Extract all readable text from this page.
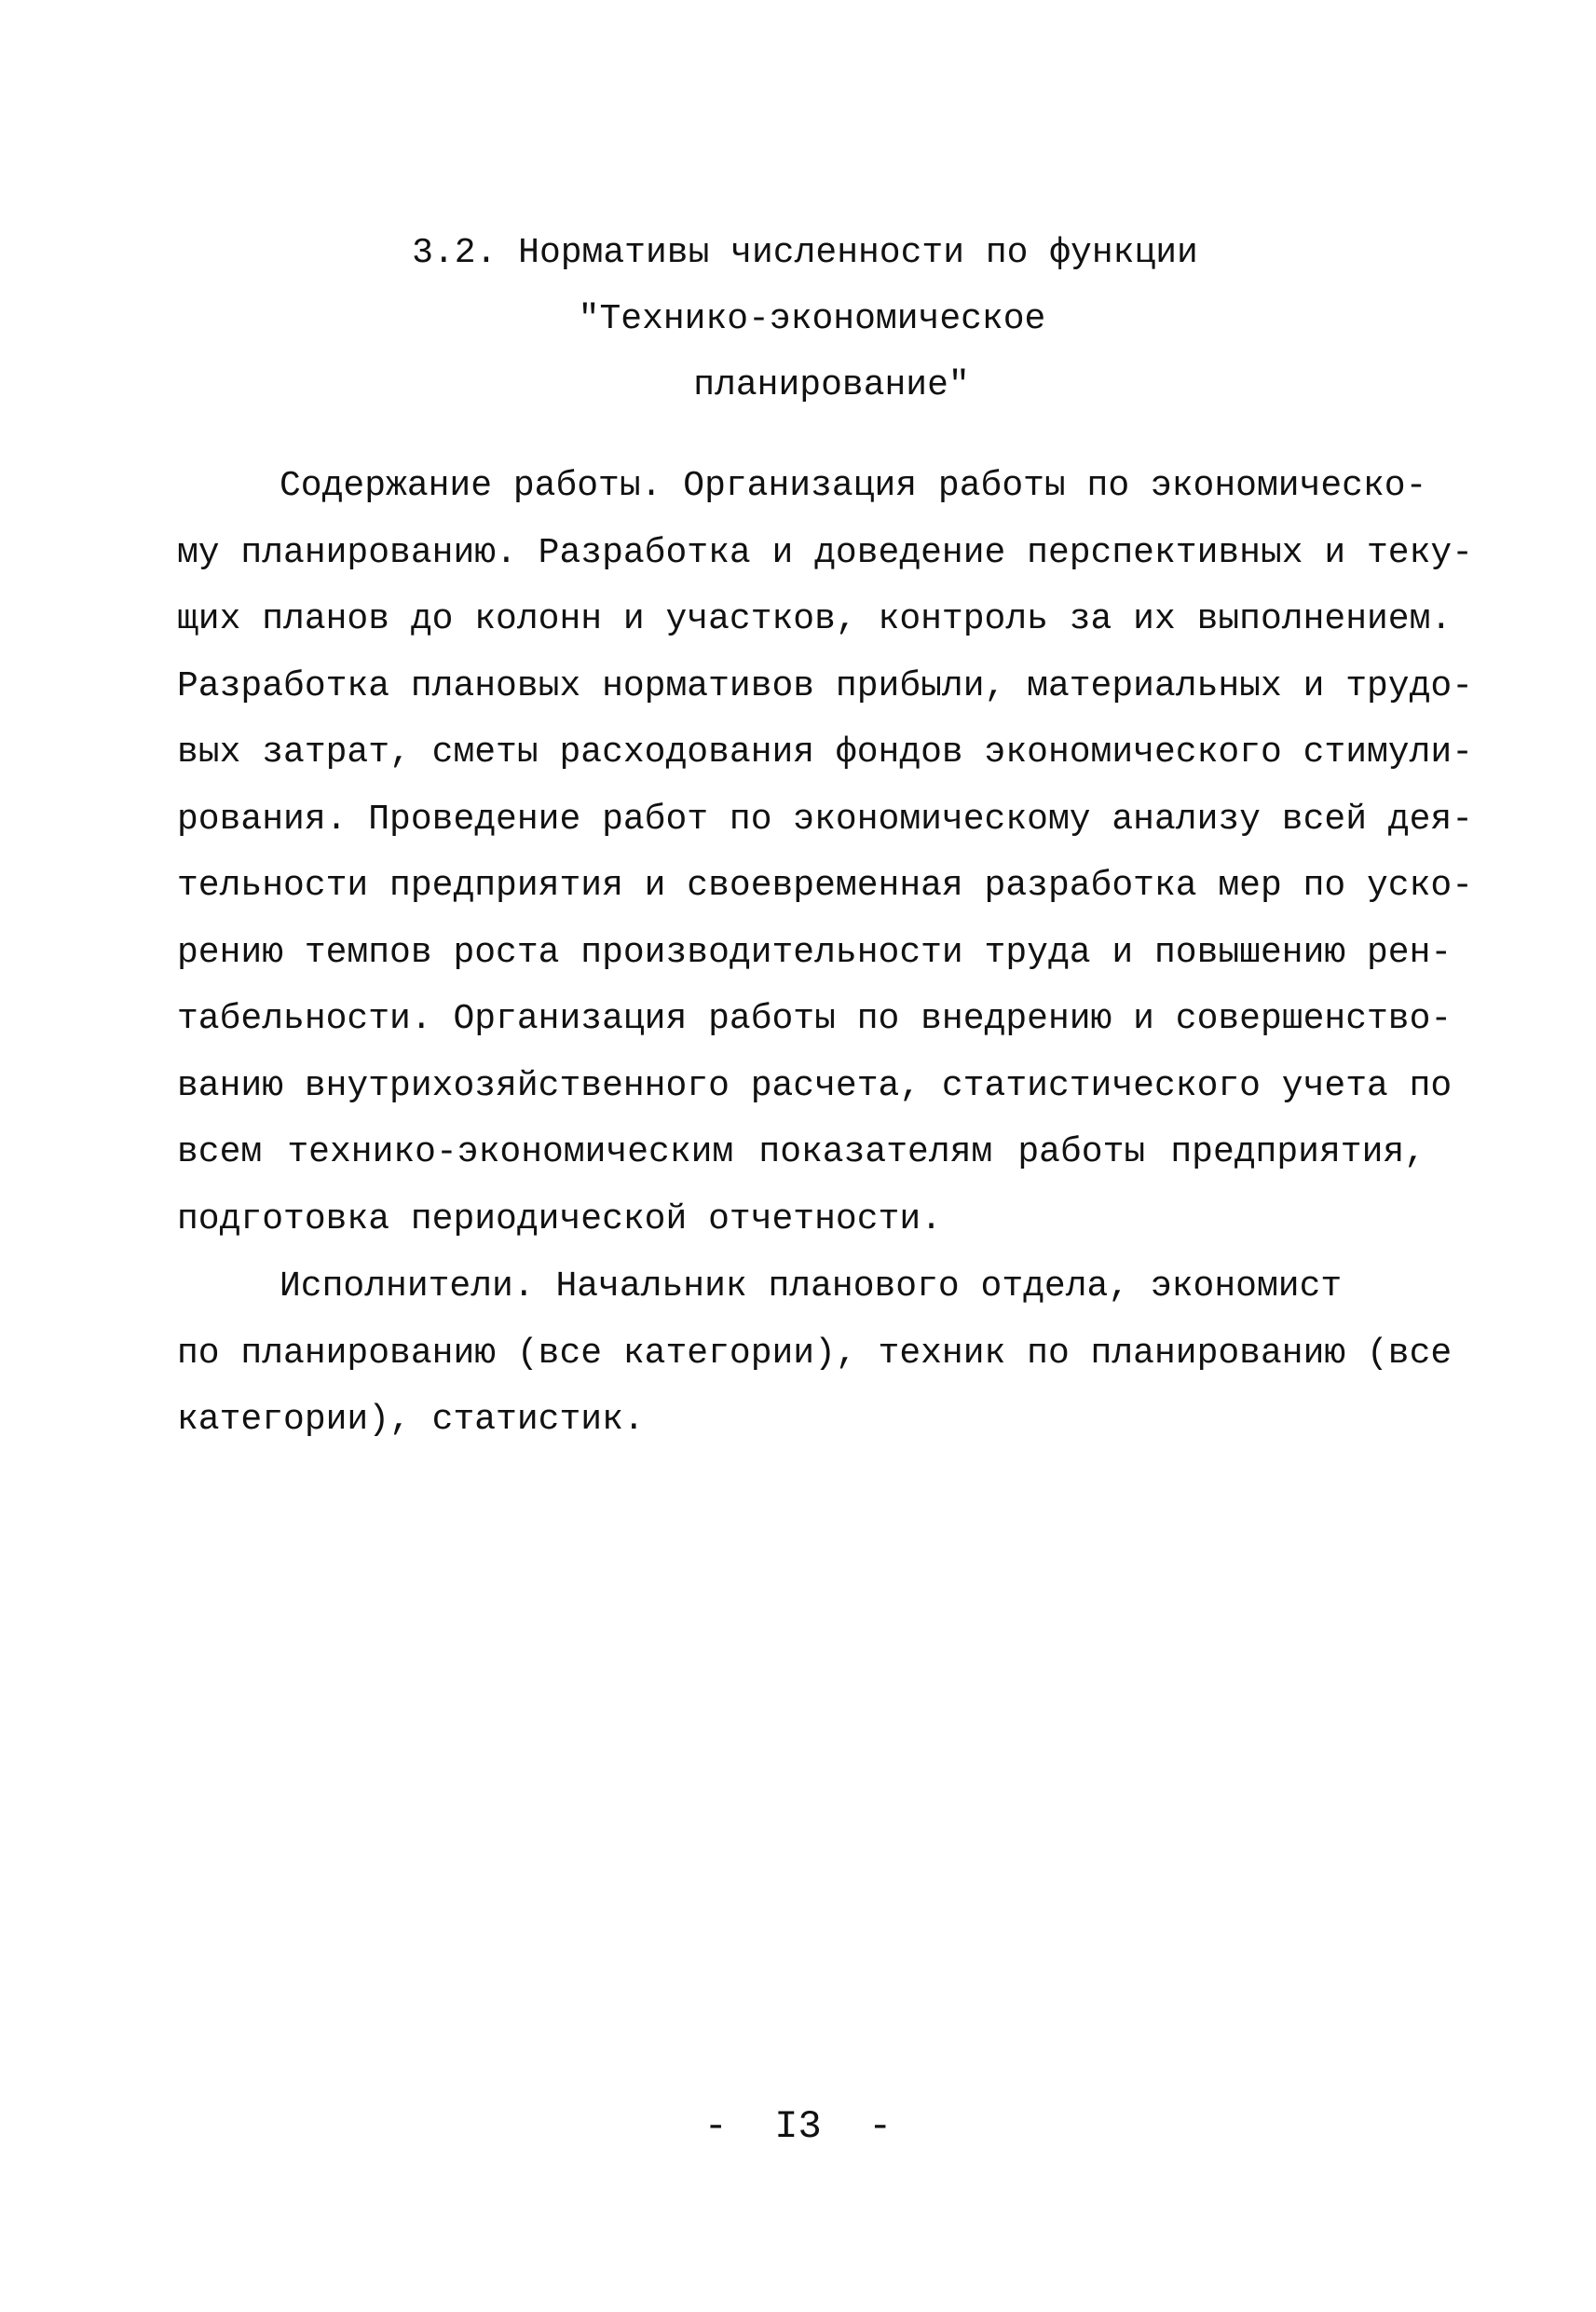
3.2. Нормативы численности по функции
"Технико-экономическое
планирование"
Содержание работы. Организация работы по экономическо-
му планированию. Разработка и доведение перспективных и теку-
щих планов до колонн и участков, контроль за их выполнением.
Разработка плановых нормативов прибыли, материальных и трудо-
вых затрат, сметы расходования фондов экономического стимули-
рования. Проведение работ по экономическому анализу всей дея-
тельности предприятия и своевременная разработка мер по уско-
рению темпов роста производительности труда и повышению рен-
табельности. Организация работы по внедрению и совершенство-
ванию внутрихозяйственного расчета, статистического учета по
всем технико-экономическим показателям работы предприятия,
подготовка периодической отчетности.
Исполнители. Начальник планового отдела, экономист
по планированию (все категории), техник по планированию (все
категории), статистик.
-  I3  -
